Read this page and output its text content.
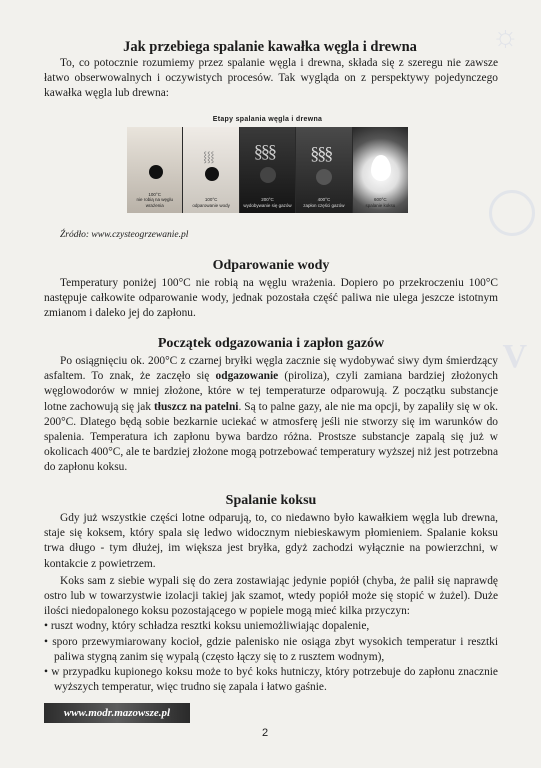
☼
V
Jak przebiega spalanie kawałka węgla i drewna

To, co potocznie rozumiemy przez spalanie węgla i drewna, składa się z szeregu nie zawsze łatwo obserwowalnych i oczywistych procesów. Tak wygląda on z perspektywy pojedynczego kawałka węgla lub drewna:

Etapy spalania węgla i drewna
100°C
nie robią na węglu wrażenia
⸾⸾⸾
100°C
odparowanie wody
§§§
200°C
wydobywanie się gazów
§§§
400°C
zapłon części gazów
600°C
spalanie koksu
Źródło: www.czysteogrzewanie.pl
Odparowanie wody

Temperatury poniżej 100°C nie robią na węglu wrażenia. Dopiero po przekroczeniu 100°C następuje całkowite odparowanie wody, jednak pozostała część paliwa nie ulega jeszcze istotnym zmianom i daleko jej do zapłonu.

Początek odgazowania i zapłon gazów

Po osiągnięciu ok. 200°C z czarnej bryłki węgla zacznie się wydobywać siwy dym śmierdzący asfaltem. To znak, że zaczęło się odgazowanie (piroliza), czyli zamiana bardziej złożonych węglowodorów w mniej złożone, które w tej temperaturze odparowują. Z początku substancje lotne zachowują się jak tłuszcz na patelni. Są to palne gazy, ale nie ma opcji, by zapaliły się w ok. 200°C. Dlatego będą sobie bezkarnie uciekać w atmosferę jeśli nie stworzy się im warunków do spalenia. Temperatura ich zapłonu bywa bardzo różna. Prostsze substancje zapalą się już w okolicach 400°C, ale te bardziej złożone mogą potrzebować temperatury wyższej niż jest potrzebna do zapłonu koksu.

Spalanie koksu

Gdy już wszystkie części lotne odparują, to, co niedawno było kawałkiem węgla lub drewna, staje się koksem, który spala się ledwo widocznym niebieskawym płomieniem. Spalanie koksu trwa długo - tym dłużej, im większa jest bryłka, gdyż zachodzi wyłącznie na powierzchni, w kontakcie z powietrzem.

Koks sam z siebie wypali się do zera zostawiając jedynie popiół (chyba, że palił się naprawdę ostro lub w towarzystwie izolacji takiej jak szamot, wtedy popiół może się stopić w żużel). Duże ilości niedopalonego koksu pozostającego w popiele mogą mieć kilka przyczyn:

• ruszt wodny, który schładza resztki koksu uniemożliwiając dopalenie,

• sporo przewymiarowany kocioł, gdzie palenisko nie osiąga zbyt wysokich temperatur i resztki paliwa stygną zanim się wypalą (często łączy się to z rusztem wodnym),

• w przypadku kupionego koksu może to być koks hutniczy, który potrzebuje do zapłonu znacznie wyższych temperatur, więc trudno się zapala i łatwo gaśnie.

www.modr.mazowsze.pl
2
